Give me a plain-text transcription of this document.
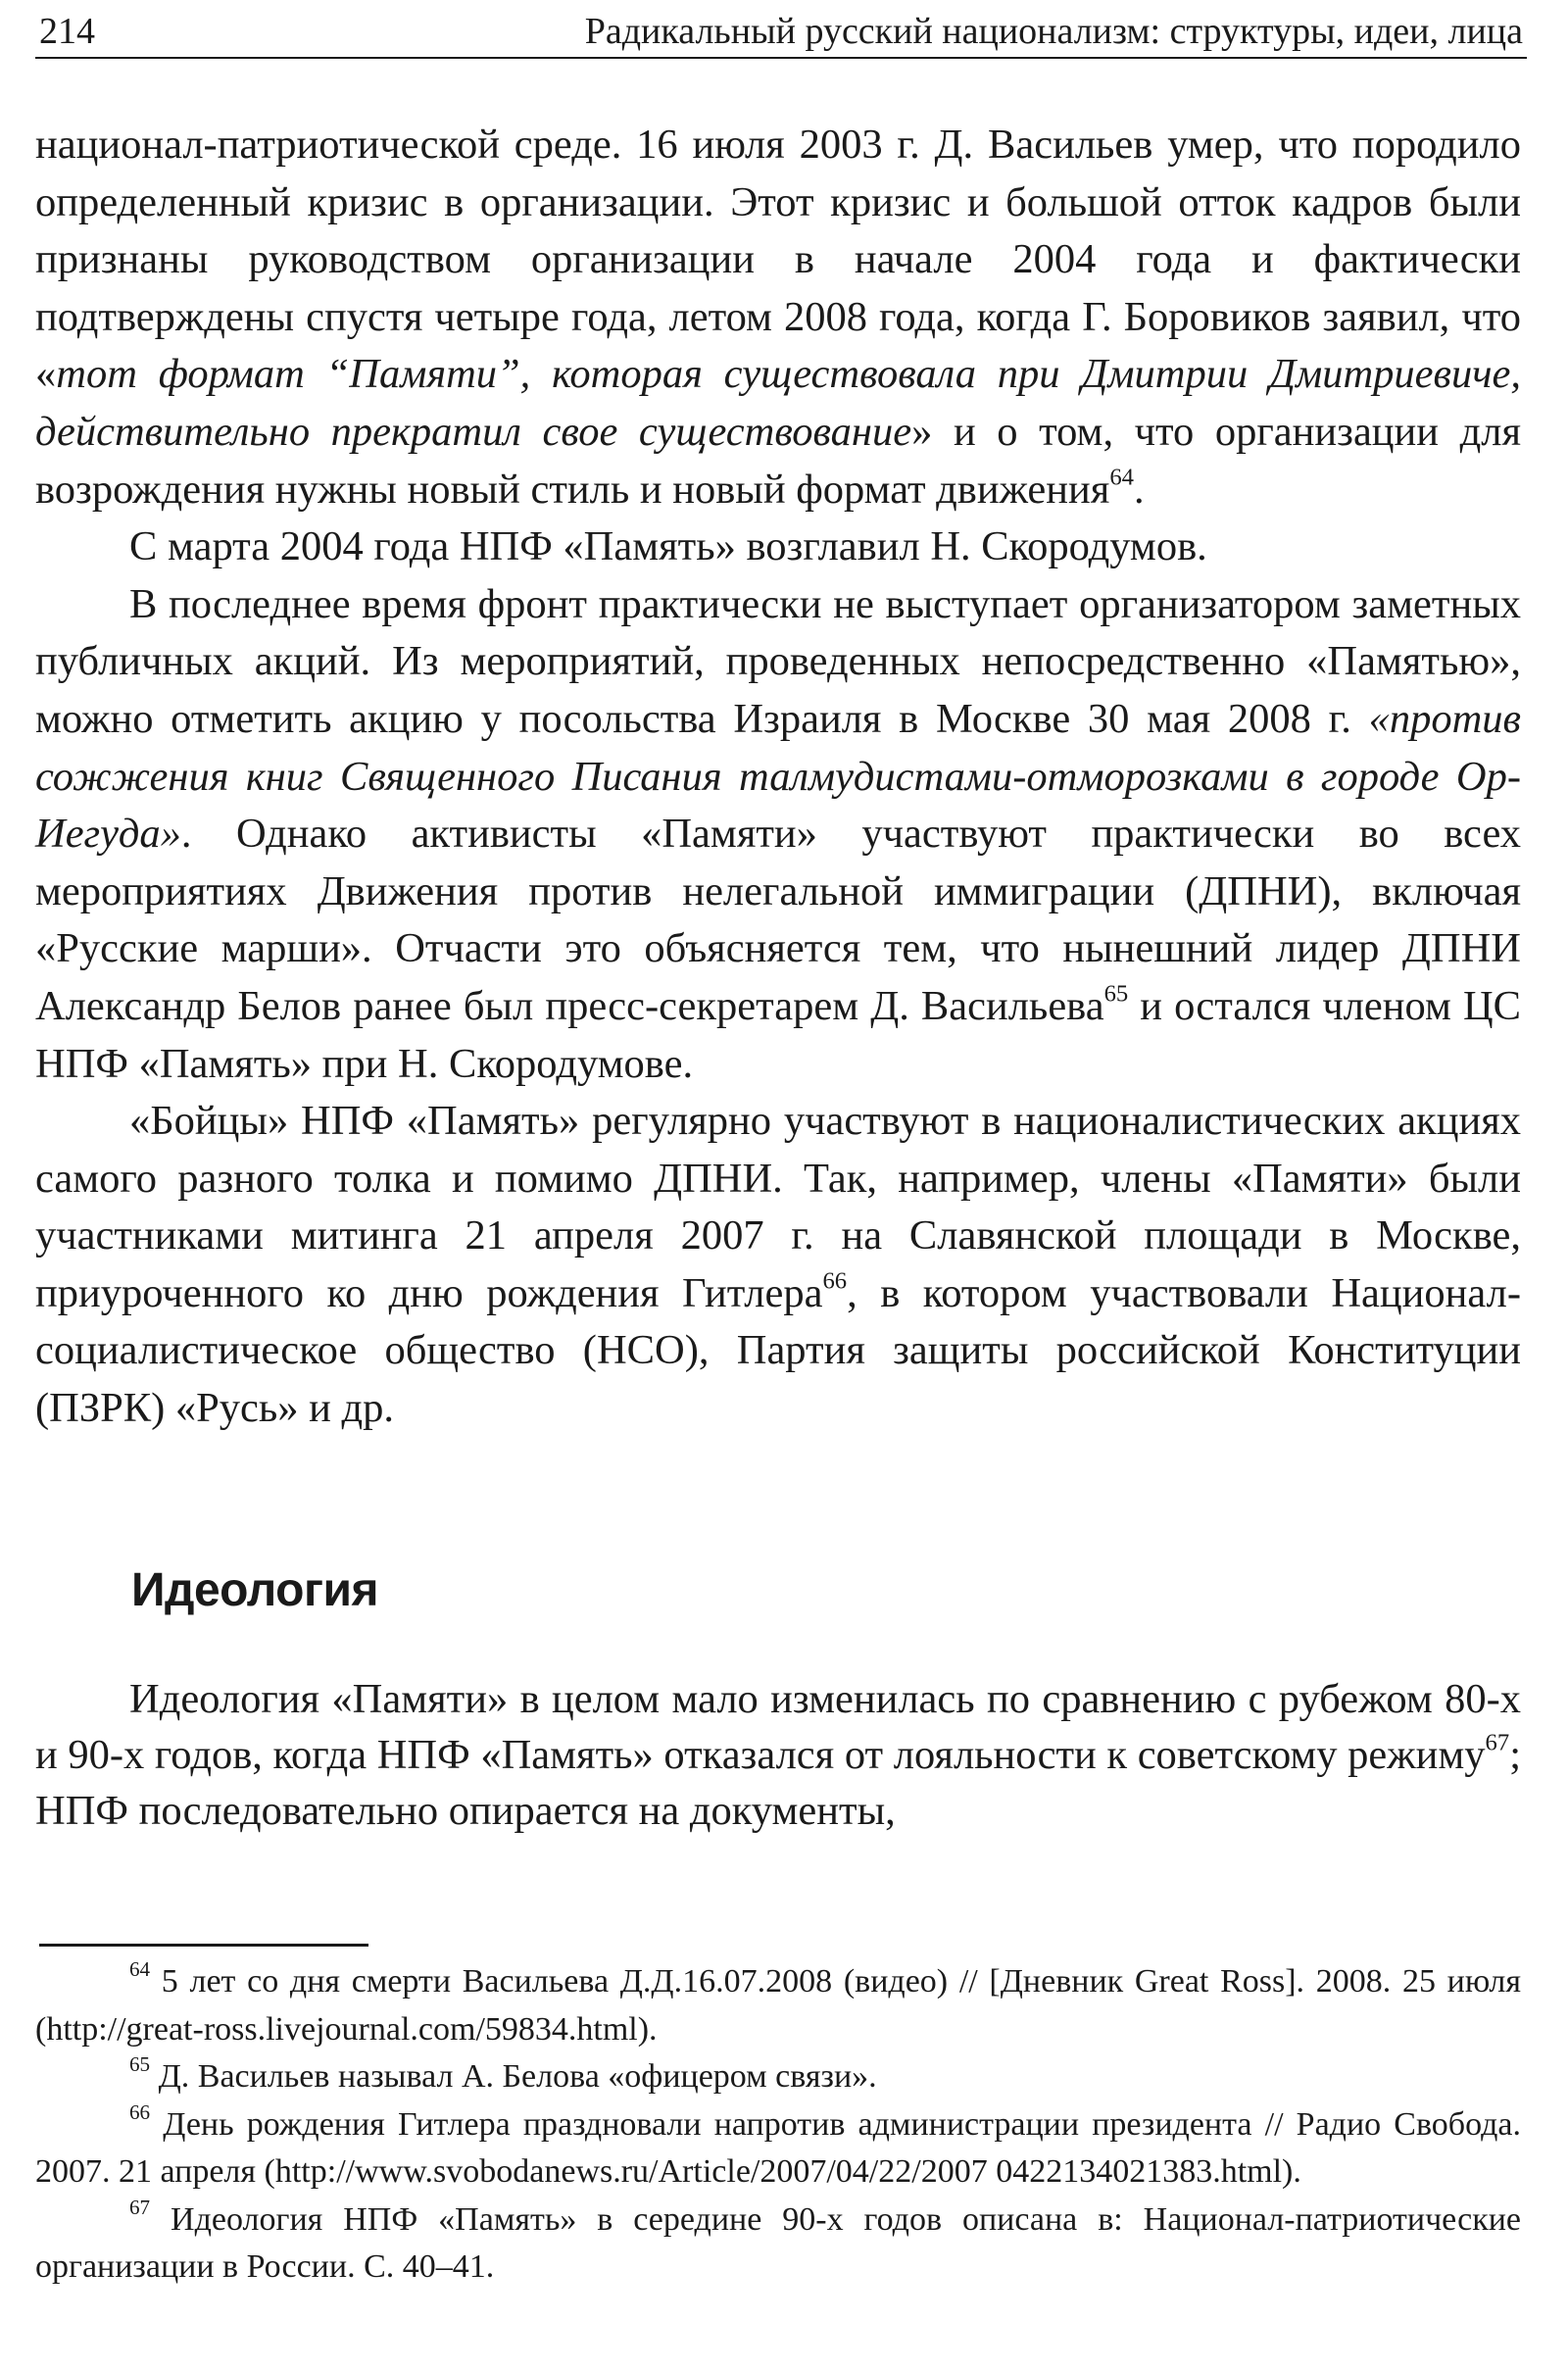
214	Радикальный русский национализм: структуры, идеи, лица

национал-патриотической среде. 16 июля 2003 г. Д. Васильев умер, что породило определенный кризис в организации. Этот кризис и большой отток кадров были признаны руководством организации в начале 2004 года и фактически подтверждены спустя четыре года, летом 2008 года, когда Г. Боровиков заявил, что «тот формат “Памяти”, которая существовала при Дмитрии Дмитриевиче, действительно прекратил свое существование» и о том, что организации для возрождения нужны новый стиль и новый формат движения$^{64}$.

С марта 2004 года НПФ «Память» возглавил Н. Скородумов.

В последнее время фронт практически не выступает организатором заметных публичных акций. Из мероприятий, проведенных непосредственно «Памятью», можно отметить акцию у посольства Израиля в Москве 30 мая 2008 г. «против сожжения книг Священного Писания талмудистами-отморозками в городе Ор-Иегуда». Однако активисты «Памяти» участвуют практически во всех мероприятиях Движения против нелегальной иммиграции (ДПНИ), включая «Русские марши». Отчасти это объясняется тем, что нынешний лидер ДПНИ Александр Белов ранее был пресс-секретарем Д. Васильева$^{65}$ и остался членом ЦС НПФ «Память» при Н. Скородумове.

«Бойцы» НПФ «Память» регулярно участвуют в националистических акциях самого разного толка и помимо ДПНИ. Так, например, члены «Памяти» были участниками митинга 21 апреля 2007 г. на Славянской площади в Москве, приуроченного ко дню рождения Гитлера$^{66}$, в котором участвовали Национал-социалистическое общество (НСО), Партия защиты российской Конституции (ПЗРК) «Русь» и др.

Идеология

Идеология «Памяти» в целом мало изменилась по сравнению с рубежом 80-х и 90-х годов, когда НПФ «Память» отказался от лояльности к советскому режиму$^{67}$; НПФ последовательно опирается на документы,

$^{64}$ 5 лет со дня смерти Васильева Д.Д.16.07.2008 (видео) // [Дневник Great Ross]. 2008. 25 июля (http://great-ross.livejournal.com/59834.html).

$^{65}$ Д. Васильев называл А. Белова «офицером связи».

$^{66}$ День рождения Гитлера праздновали напротив администрации президента // Радио Свобода. 2007. 21 апреля (http://www.svobodanews.ru/Article/2007/04/22/2007 0422134021383.html).

$^{67}$ Идеология НПФ «Память» в середине 90-х годов описана в: Национал-патриотические организации в России. С. 40–41.
